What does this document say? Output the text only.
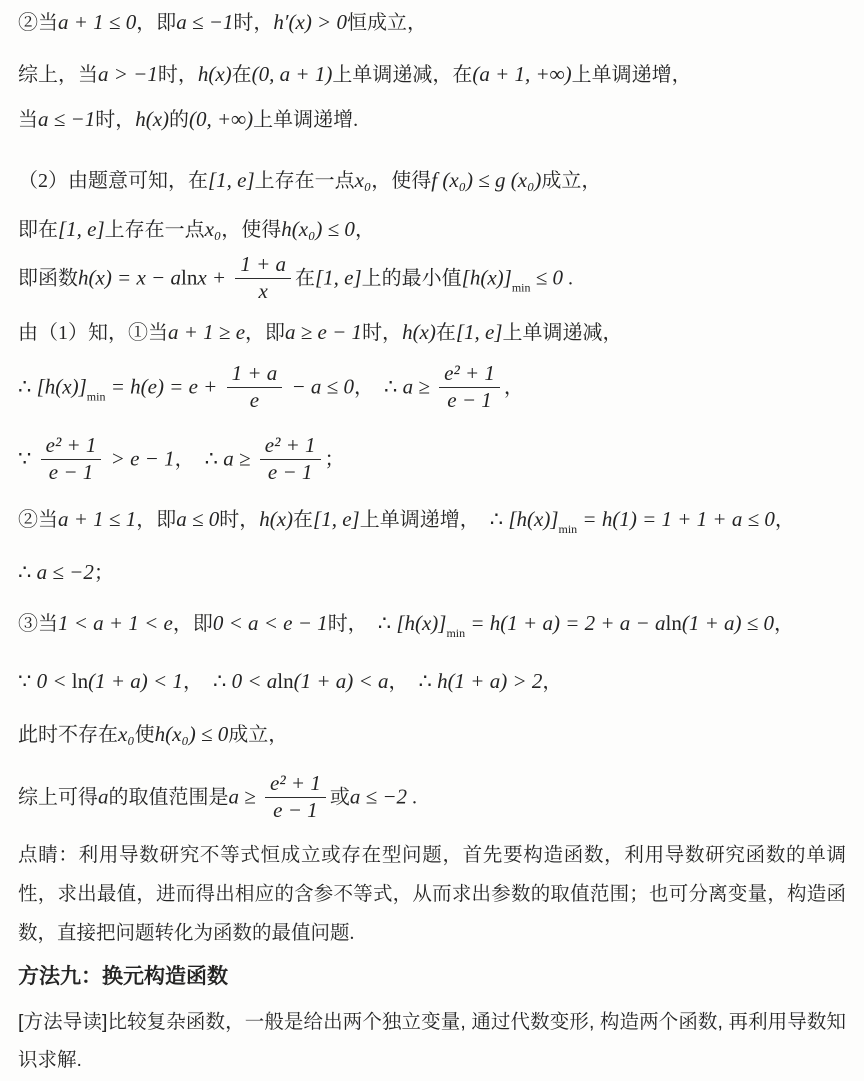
②当a + 1 ≤ 0，即a ≤ −1时，h′(x) > 0恒成立，
综上，当a > −1时，h(x)在(0, a + 1)上单调递减，在(a + 1, +∞)上单调递增，
当a ≤ −1时，h(x)的(0, +∞)上单调递增.
（2）由题意可知，在[1, e]上存在一点x₀，使得f (x₀) ≤ g (x₀)成立，
即在[1, e]上存在一点x₀，使得h(x₀) ≤ 0，
即函数$h(x) = x - alnx + \frac{1 + a}{x}$ 在[1, e]上的最小值$[h(x)]_{min} \le 0$ .
由（1）知，①当a + 1 ≥ e，即a ≥ e − 1时，h(x)在[1, e]上单调递减，
∴ $[h(x)]_{min} = h(e) = e + \frac{1 + a}{e} - a \le 0$，　∴ $a \ge \frac{\text{e² + 1}}{e - 1}$ ，
∵ $\frac{\text{e² + 1}}{e - 1} > e - 1$，　∴ $a \ge \frac{\text{e² + 1}}{e - 1}$ ；
②当a + 1 ≤ 1，即a ≤ 0时，h(x)在[1, e]上单调递增，　∴ $[h(x)]_{min} = h(1) = 1 + 1 + a \le 0$，
∴ a ≤ −2；
③当1 < a + 1 < e，即0 < a < e − 1时，　∴ $[h(x)]_{min} = h(1 + a) = 2 + a - aln(1 + a) \le 0$，
∵ 0 < ln(1 + a) < 1，　∴ 0 < aln(1 + a) < a，　∴ h(1 + a) > 2，
此时不存在x₀使h(x₀) ≤ 0成立，
综上可得a的取值范围是$a \ge \frac{\text{e² + 1}}{e - 1}$ 或a ≤ −2 .
点睛：利用导数研究不等式恒成立或存在型问题，首先要构造函数，利用导数研究函数的单调性，求出最值，进而得出相应的含参不等式，从而求出参数的取值范围；也可分离变量，构造函数，直接把问题转化为函数的最值问题.
方法九：换元构造函数
[方法导读]比较复杂函数，一般是给出两个独立变量, 通过代数变形, 构造两个函数, 再利用导数知识求解.
